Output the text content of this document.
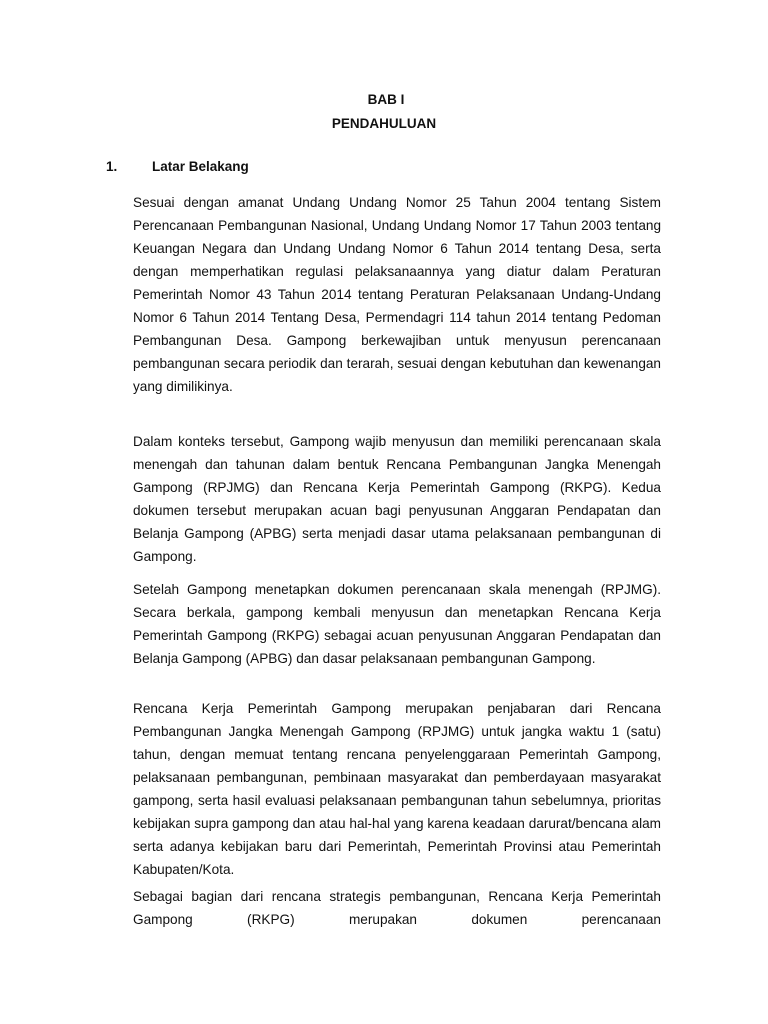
BAB I
PENDAHULUAN
1.	Latar Belakang

Sesuai dengan amanat Undang Undang Nomor 25 Tahun 2004 tentang Sistem Perencanaan Pembangunan Nasional, Undang Undang Nomor 17 Tahun 2003 tentang Keuangan Negara dan Undang Undang Nomor 6 Tahun 2014 tentang Desa, serta dengan memperhatikan regulasi pelaksanaannya yang diatur dalam Peraturan Pemerintah Nomor 43 Tahun 2014 tentang Peraturan Pelaksanaan Undang-Undang Nomor 6 Tahun 2014 Tentang Desa, Permendagri 114 tahun 2014 tentang Pedoman Pembangunan Desa. Gampong berkewajiban untuk menyusun perencanaan pembangunan secara periodik dan terarah, sesuai dengan kebutuhan dan kewenangan yang dimilikinya.

Dalam konteks tersebut, Gampong wajib menyusun dan memiliki perencanaan skala menengah dan tahunan dalam bentuk Rencana Pembangunan Jangka Menengah Gampong (RPJMG) dan Rencana Kerja Pemerintah Gampong (RKPG). Kedua dokumen tersebut merupakan acuan bagi penyusunan Anggaran Pendapatan dan Belanja Gampong (APBG) serta menjadi dasar utama pelaksanaan pembangunan di Gampong.

Setelah Gampong menetapkan dokumen perencanaan skala menengah (RPJMG). Secara berkala, gampong kembali menyusun dan menetapkan Rencana Kerja Pemerintah Gampong (RKPG) sebagai acuan penyusunan Anggaran Pendapatan dan Belanja Gampong (APBG) dan dasar pelaksanaan pembangunan Gampong.

Rencana Kerja Pemerintah Gampong merupakan penjabaran dari Rencana Pembangunan Jangka Menengah Gampong (RPJMG) untuk jangka waktu 1 (satu) tahun, dengan memuat tentang rencana penyelenggaraan Pemerintah Gampong, pelaksanaan pembangunan, pembinaan masyarakat dan pemberdayaan masyarakat gampong, serta hasil evaluasi pelaksanaan pembangunan tahun sebelumnya, prioritas kebijakan supra gampong dan atau hal-hal yang karena keadaan darurat/bencana alam serta adanya kebijakan baru dari Pemerintah, Pemerintah Provinsi atau Pemerintah Kabupaten/Kota.

Sebagai bagian dari rencana strategis pembangunan, Rencana Kerja Pemerintah Gampong (RKPG) merupakan dokumen perencanaan
